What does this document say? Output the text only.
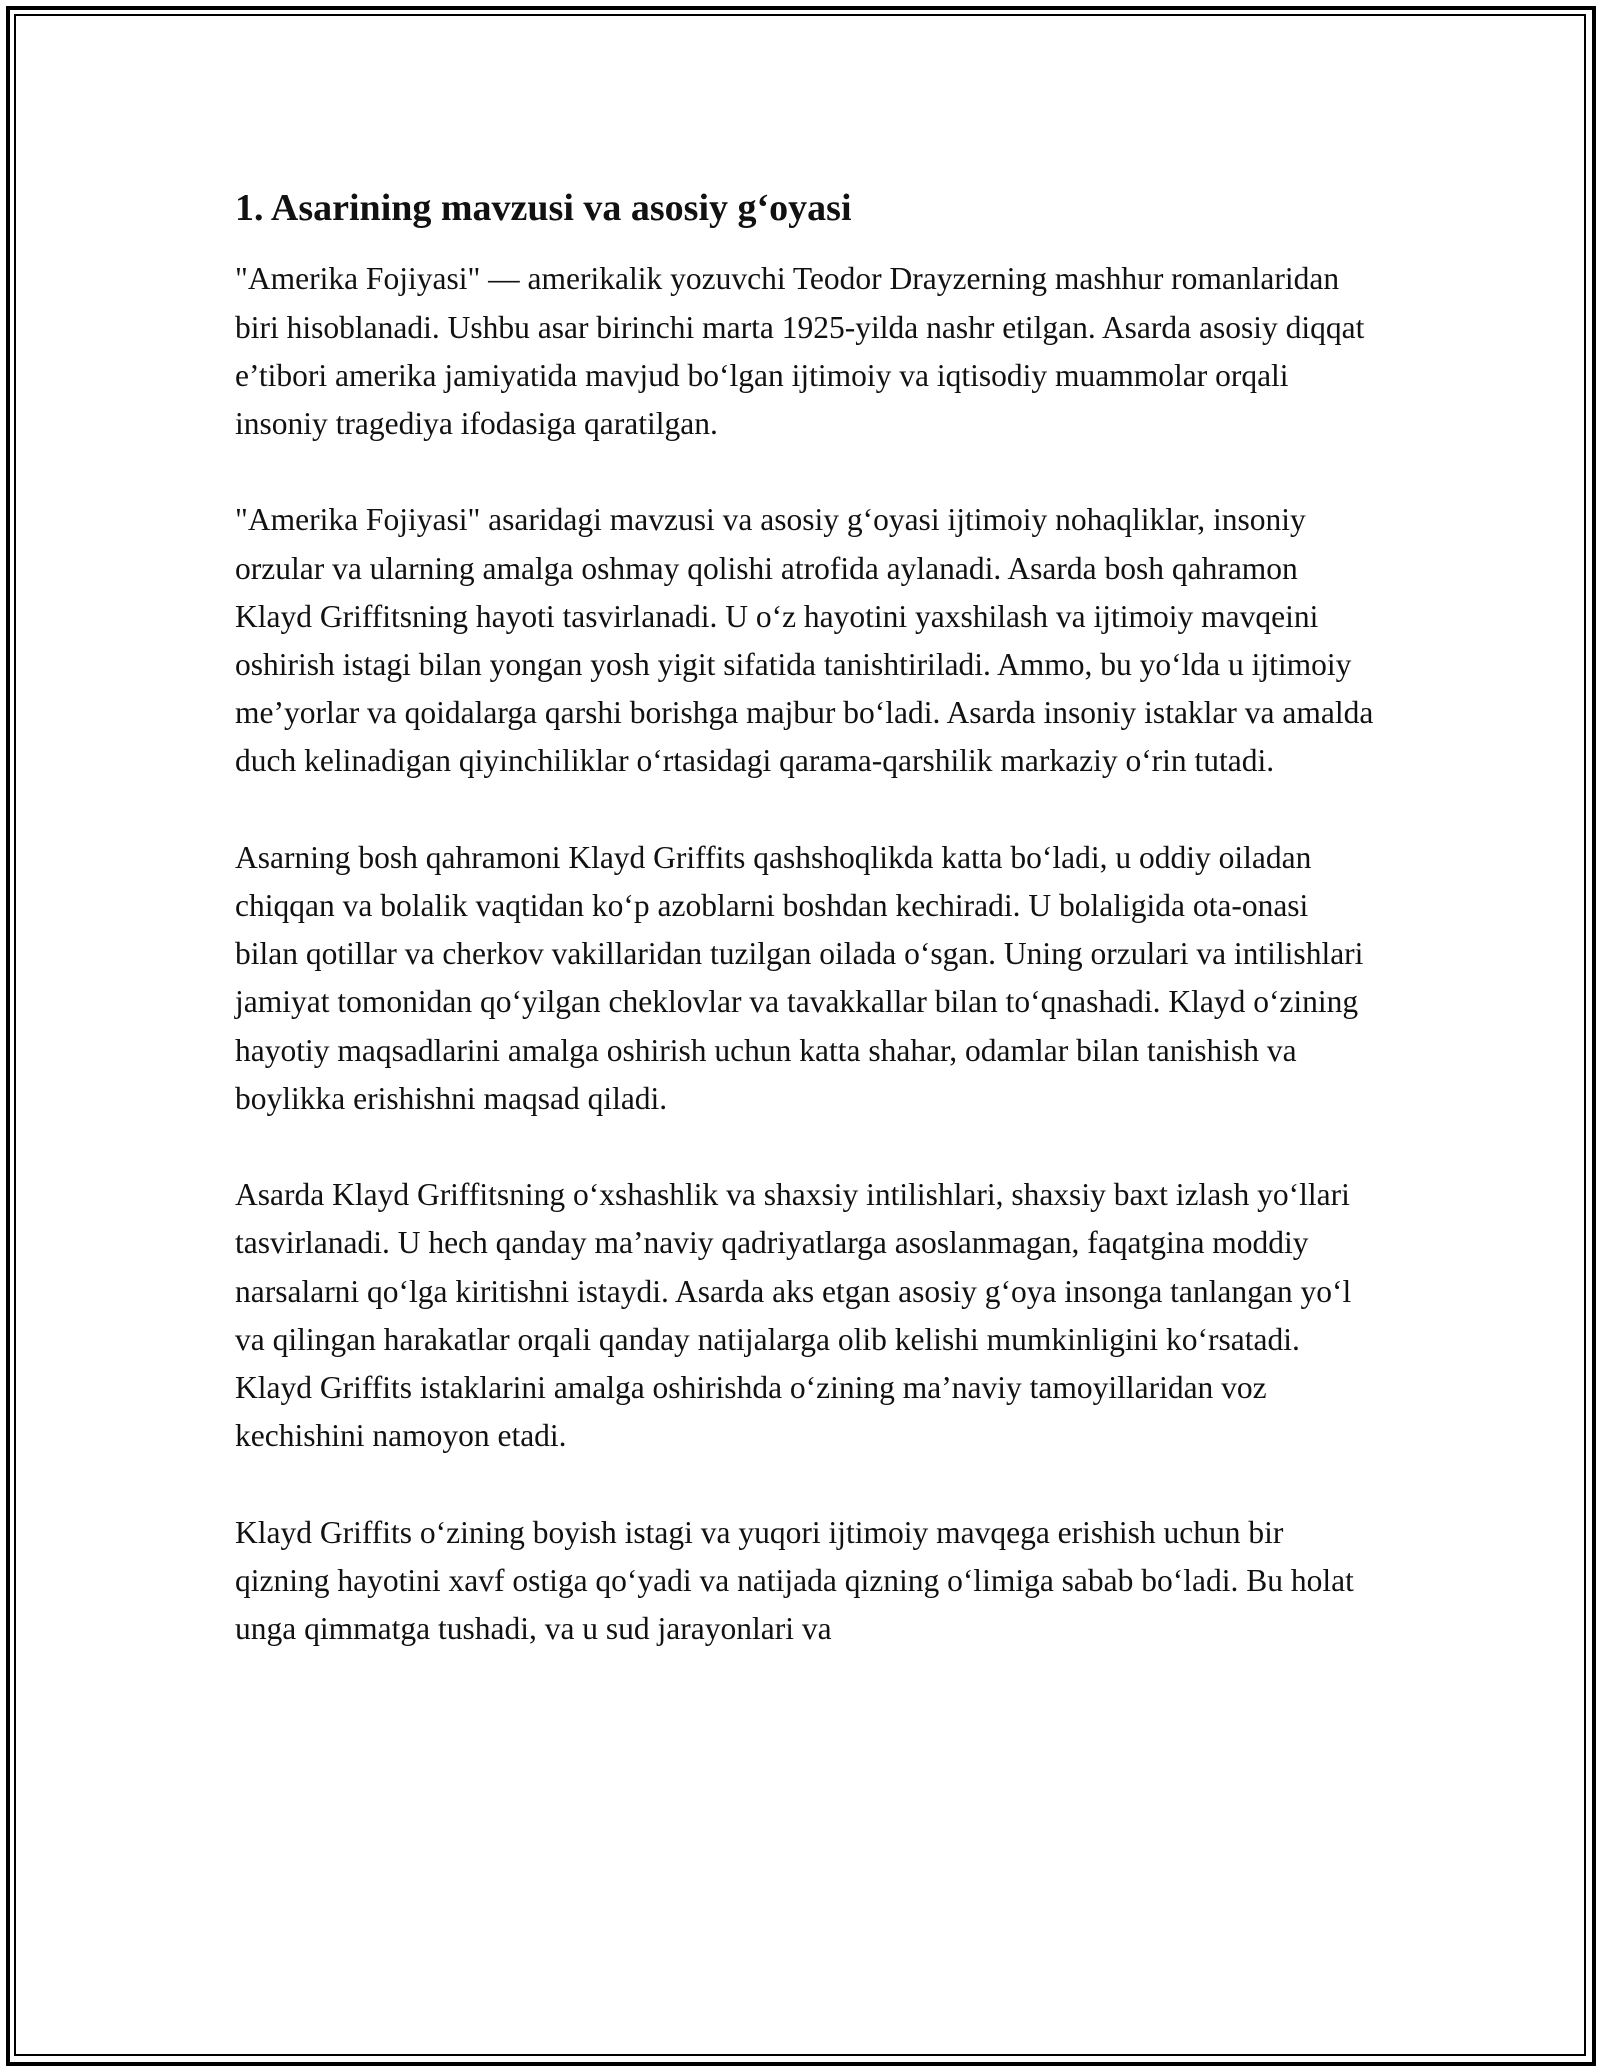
1. Asarining mavzusi va asosiy g‘oyasi

"Amerika Fojiyasi" — amerikalik yozuvchi Teodor Drayzerning mashhur romanlaridan biri hisoblanadi. Ushbu asar birinchi marta 1925-yilda nashr etilgan. Asarda asosiy diqqat e’tibori amerika jamiyatida mavjud bo‘lgan ijtimoiy va iqtisodiy muammolar orqali insoniy tragediya ifodasiga qaratilgan.

"Amerika Fojiyasi" asaridagi mavzusi va asosiy g‘oyasi ijtimoiy nohaqliklar, insoniy orzular va ularning amalga oshmay qolishi atrofida aylanadi. Asarda bosh qahramon Klayd Griffitsning hayoti tasvirlanadi. U o‘z hayotini yaxshilash va ijtimoiy mavqeini oshirish istagi bilan yongan yosh yigit sifatida tanishtiriladi. Ammo, bu yo‘lda u ijtimoiy me’yorlar va qoidalarga qarshi borishga majbur bo‘ladi. Asarda insoniy istaklar va amalda duch kelinadigan qiyinchiliklar o‘rtasidagi qarama-qarshilik markaziy o‘rin tutadi.

Asarning bosh qahramoni Klayd Griffits qashshoqlikda katta bo‘ladi, u oddiy oiladan chiqqan va bolalik vaqtidan ko‘p azoblarni boshdan kechiradi. U bolaligida ota-onasi bilan qotillar va cherkov vakillaridan tuzilgan oilada o‘sgan. Uning orzulari va intilishlari jamiyat tomonidan qo‘yilgan cheklovlar va tavakkallar bilan to‘qnashadi. Klayd o‘zining hayotiy maqsadlarini amalga oshirish uchun katta shahar, odamlar bilan tanishish va boylikka erishishni maqsad qiladi.

Asarda Klayd Griffitsning o‘xshashlik va shaxsiy intilishlari, shaxsiy baxt izlash yo‘llari tasvirlanadi. U hech qanday ma’naviy qadriyatlarga asoslanmagan, faqatgina moddiy narsalarni qo‘lga kiritishni istaydi. Asarda aks etgan asosiy g‘oya insonga tanlangan yo‘l va qilingan harakatlar orqali qanday natijalarga olib kelishi mumkinligini ko‘rsatadi. Klayd Griffits istaklarini amalga oshirishda o‘zining ma’naviy tamoyillaridan voz kechishini namoyon etadi.

Klayd Griffits o‘zining boyish istagi va yuqori ijtimoiy mavqega erishish uchun bir qizning hayotini xavf ostiga qo‘yadi va natijada qizning o‘limiga sabab bo‘ladi. Bu holat unga qimmatga tushadi, va u sud jarayonlari va
